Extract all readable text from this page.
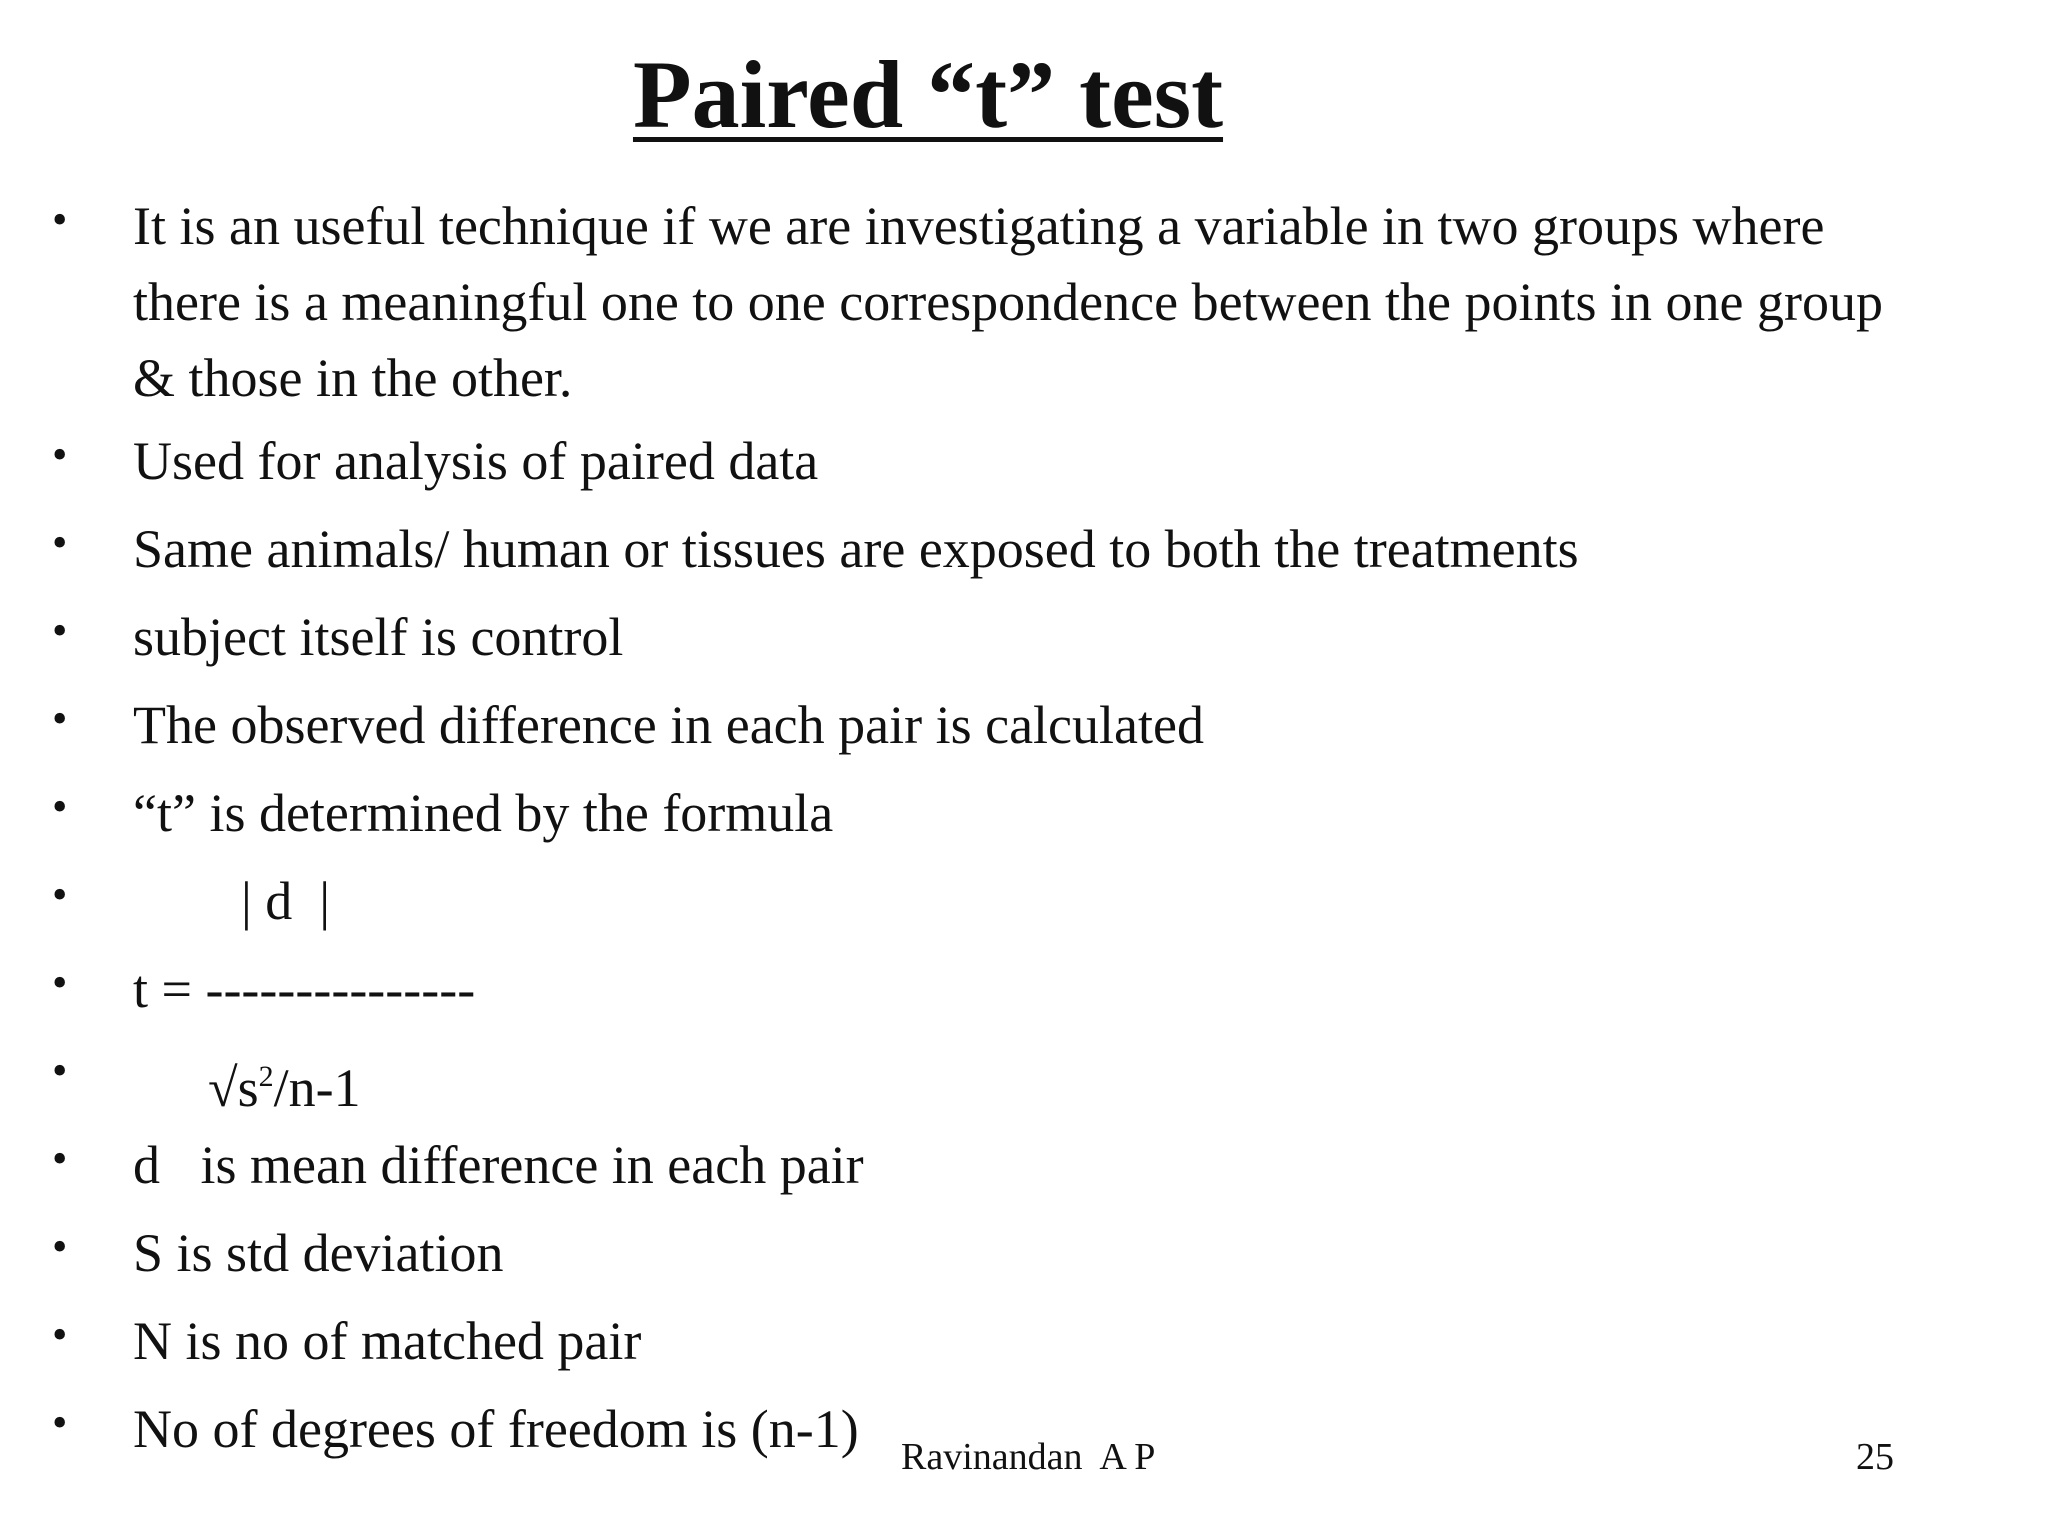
Paired “t” test
• It is an useful technique if we are investigating a variable in two groups where there is a meaningful one to one correspondence between the points in one group & those in the other.
• Used for analysis of paired data
• Same animals/ human or tissues are exposed to both the treatments
• subject itself is control
• The observed difference in each pair is calculated
• “t” is determined by the formula
• | d  |
• t = ---------------
•	$√s^2/n-1$
• d   is mean difference in each pair
• S is std deviation
• N is no of matched pair
• No of degrees of freedom is (n-1)	Ravinandan  A P	25
